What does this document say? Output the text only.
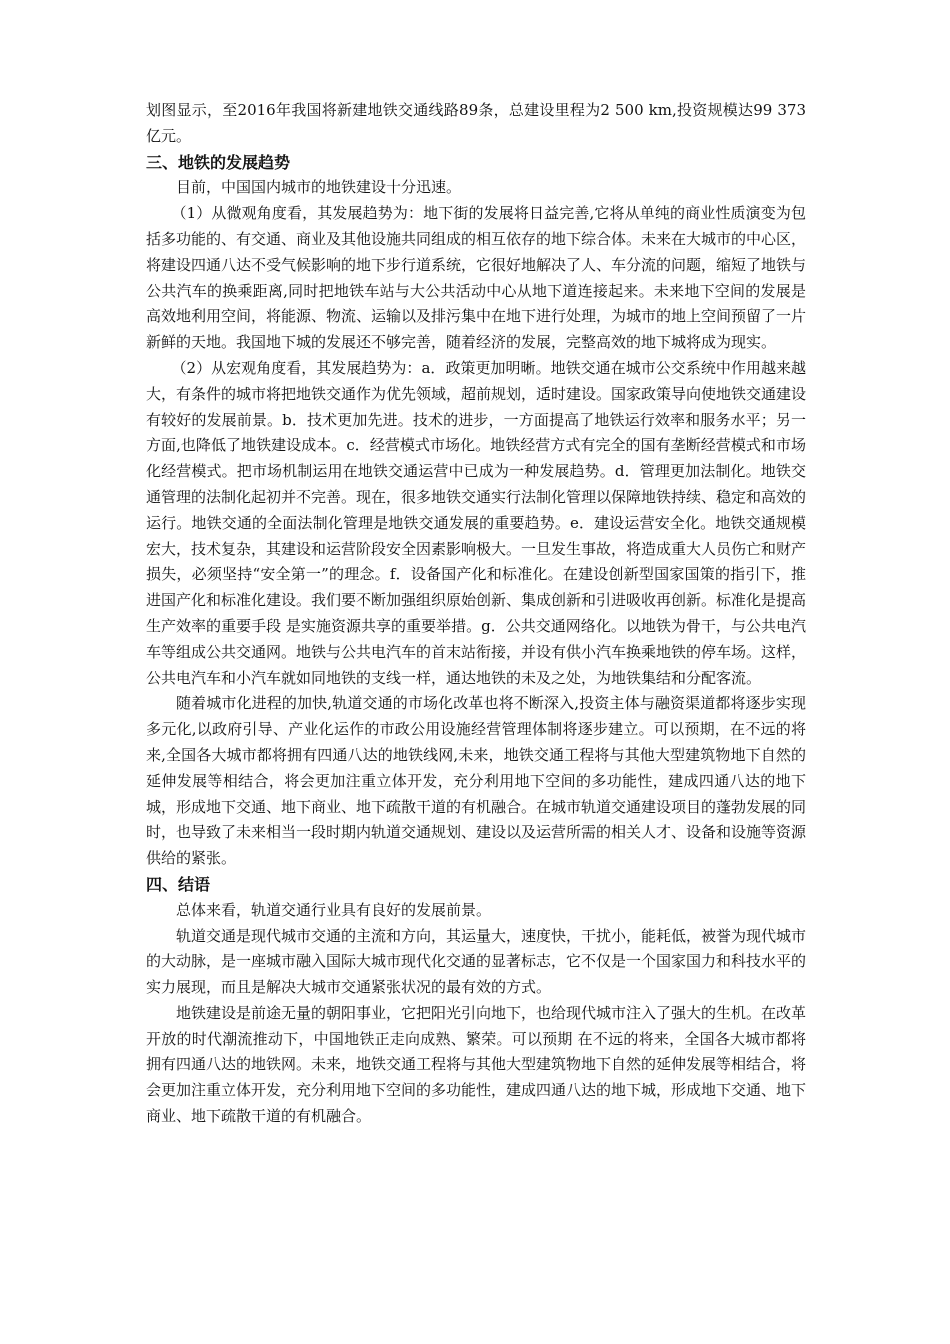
划图显示，至2016年我国将新建地铁交通线路89条，总建设里程为2 500 km,投资规模达99 373亿元。

三、地铁的发展趋势

目前，中国国内城市的地铁建设十分迅速。

（1）从微观角度看，其发展趋势为：地下街的发展将日益完善,它将从单纯的商业性质演变为包括多功能的、有交通、商业及其他设施共同组成的相互依存的地下综合体。未来在大城市的中心区，将建设四通八达不受气候影响的地下步行道系统，它很好地解决了人、车分流的问题，缩短了地铁与公共汽车的换乘距离,同时把地铁车站与大公共活动中心从地下道连接起来。未来地下空间的发展是高效地利用空间，将能源、物流、运输以及排污集中在地下进行处理，为城市的地上空间预留了一片新鲜的天地。我国地下城的发展还不够完善，随着经济的发展，完整高效的地下城将成为现实。

（2）从宏观角度看，其发展趋势为：a．政策更加明晰。地铁交通在城市公交系统中作用越来越大，有条件的城市将把地铁交通作为优先领域，超前规划，适时建设。国家政策导向使地铁交通建设有较好的发展前景。b．技术更加先进。技术的进步，一方面提高了地铁运行效率和服务水平；另一方面,也降低了地铁建设成本。c．经营模式市场化。地铁经营方式有完全的国有垄断经营模式和市场化经营模式。把市场机制运用在地铁交通运营中已成为一种发展趋势。d．管理更加法制化。地铁交通管理的法制化起初并不完善。现在，很多地铁交通实行法制化管理以保障地铁持续、稳定和高效的运行。地铁交通的全面法制化管理是地铁交通发展的重要趋势。e．建设运营安全化。地铁交通规模宏大，技术复杂，其建设和运营阶段安全因素影响极大。一旦发生事故，将造成重大人员伤亡和财产损失，必须坚持“安全第一”的理念。f．设备国产化和标准化。在建设创新型国家国策的指引下，推进国产化和标准化建设。我们要不断加强组织原始创新、集成创新和引进吸收再创新。标准化是提高生产效率的重要手段 是实施资源共享的重要举措。g．公共交通网络化。以地铁为骨干，与公共电汽车等组成公共交通网。地铁与公共电汽车的首末站衔接，并设有供小汽车换乘地铁的停车场。这样，公共电汽车和小汽车就如同地铁的支线一样，通达地铁的未及之处，为地铁集结和分配客流。

随着城市化进程的加快,轨道交通的市场化改革也将不断深入,投资主体与融资渠道都将逐步实现多元化,以政府引导、产业化运作的市政公用设施经营管理体制将逐步建立。可以预期，在不远的将来,全国各大城市都将拥有四通八达的地铁线网,未来，地铁交通工程将与其他大型建筑物地下自然的延伸发展等相结合，将会更加注重立体开发，充分利用地下空间的多功能性，建成四通八达的地下城，形成地下交通、地下商业、地下疏散干道的有机融合。在城市轨道交通建设项目的蓬勃发展的同时，也导致了未来相当一段时期内轨道交通规划、建设以及运营所需的相关人才、设备和设施等资源供给的紧张。

四、结语

总体来看，轨道交通行业具有良好的发展前景。

轨道交通是现代城市交通的主流和方向，其运量大，速度快，干扰小，能耗低，被誉为现代城市的大动脉，是一座城市融入国际大城市现代化交通的显著标志，它不仅是一个国家国力和科技水平的实力展现，而且是解决大城市交通紧张状况的最有效的方式。

地铁建设是前途无量的朝阳事业，它把阳光引向地下，也给现代城市注入了强大的生机。在改革开放的时代潮流推动下，中国地铁正走向成熟、繁荣。可以预期 在不远的将来，全国各大城市都将拥有四通八达的地铁网。未来，地铁交通工程将与其他大型建筑物地下自然的延伸发展等相结合，将会更加注重立体开发，充分利用地下空间的多功能性，建成四通八达的地下城，形成地下交通、地下商业、地下疏散干道的有机融合。
